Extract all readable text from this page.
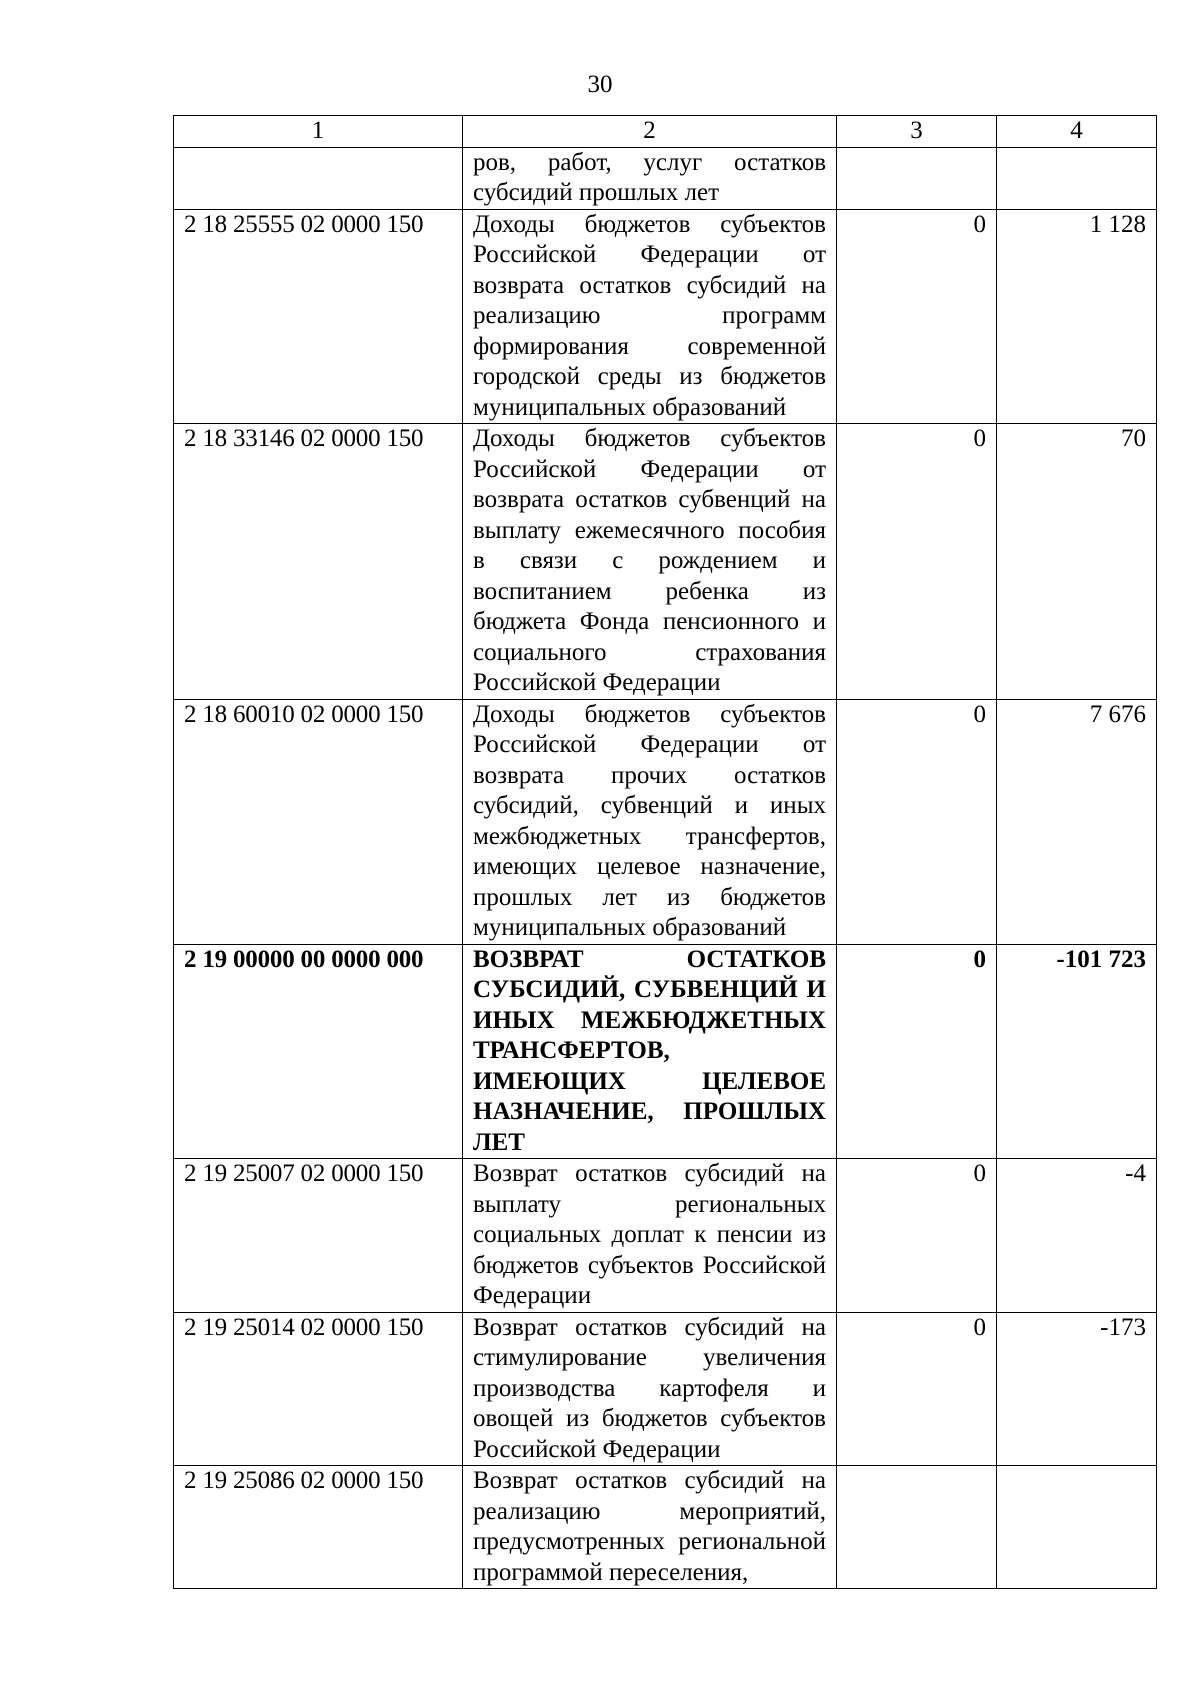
30
1	2	3	4
	ров, работ, услуг остатков субсидий прошлых лет		
2 18 25555 02 0000 150	Доходы бюджетов субъектов Российской Федерации от возврата остатков субсидий на реализацию программ формирования современной городской среды из бюджетов муниципальных образований	0	1 128
2 18 33146 02 0000 150	Доходы бюджетов субъектов Российской Федерации от возврата остатков субвенций на выплату ежемесячного пособия в связи с рождением и воспитанием ребенка из бюджета Фонда пенсионного и социального страхования Российской Федерации	0	70
2 18 60010 02 0000 150	Доходы бюджетов субъектов Российской Федерации от возврата прочих остатков субсидий, субвенций и иных межбюджетных трансфертов, имеющих целевое назначение, прошлых лет из бюджетов муниципальных образований	0	7 676
2 19 00000 00 0000 000	ВОЗВРАТ ОСТАТКОВ СУБСИДИЙ, СУБВЕНЦИЙ И ИНЫХ МЕЖБЮДЖЕТНЫХ ТРАНСФЕРТОВ, ИМЕЮЩИХ ЦЕЛЕВОЕ НАЗНАЧЕНИЕ, ПРОШЛЫХ ЛЕТ	0	-101 723
2 19 25007 02 0000 150	Возврат остатков субсидий на выплату региональных социальных доплат к пенсии из бюджетов субъектов Российской Федерации	0	-4
2 19 25014 02 0000 150	Возврат остатков субсидий на стимулирование увеличения производства картофеля и овощей из бюджетов субъектов Российской Федерации	0	-173
2 19 25086 02 0000 150	Возврат остатков субсидий на реализацию мероприятий, предусмотренных региональной программой переселения,		
